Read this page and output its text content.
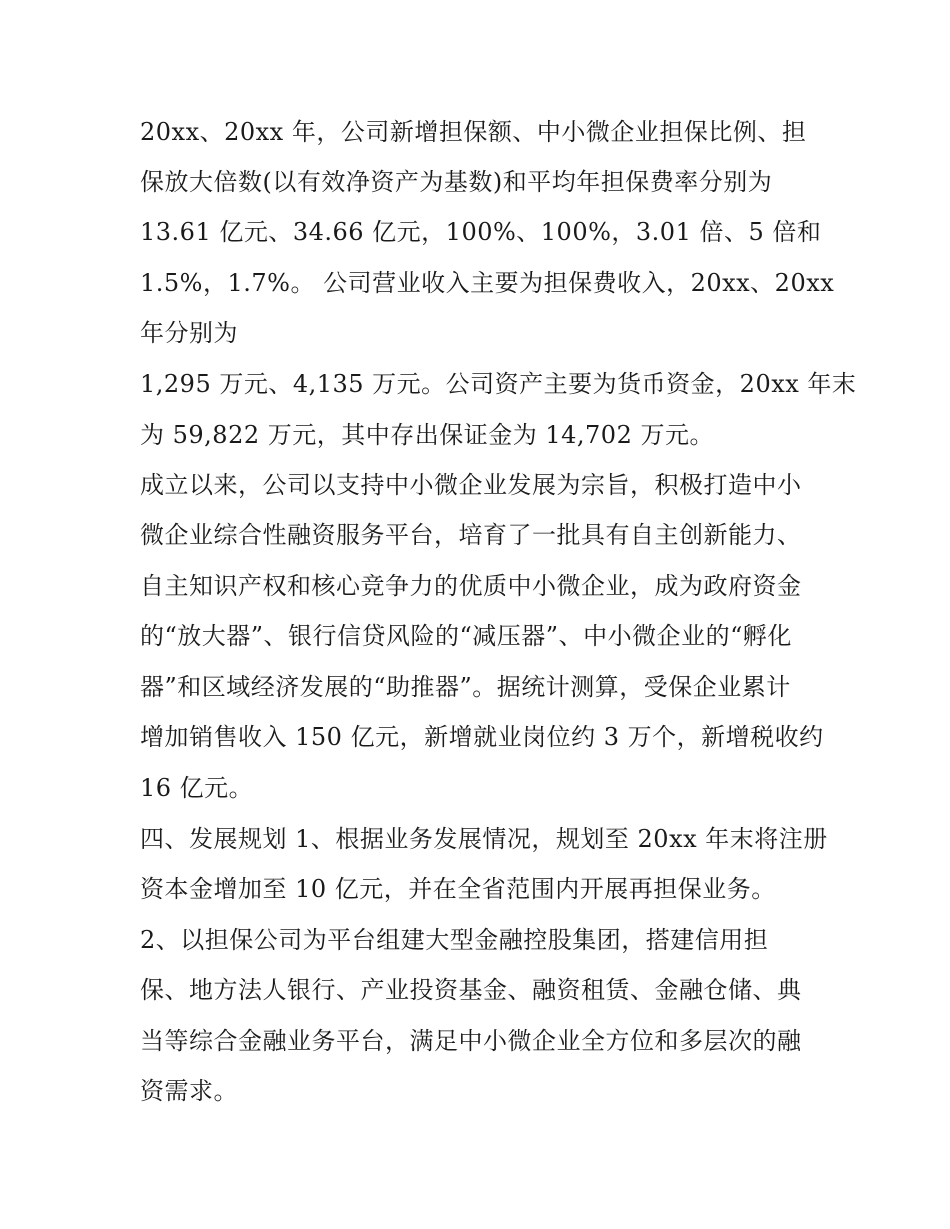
20xx、20xx 年，公司新增担保额、中小微企业担保比例、担
保放大倍数(以有效净资产为基数)和平均年担保费率分别为
13.61 亿元、34.66 亿元，100%、100%，3.01 倍、5 倍和
1.5%，1.7%。 公司营业收入主要为担保费收入，20xx、20xx
年分别为
1,295 万元、4,135 万元。公司资产主要为货币资金，20xx 年末
为 59,822 万元，其中存出保证金为 14,702 万元。
成立以来，公司以支持中小微企业发展为宗旨，积极打造中小
微企业综合性融资服务平台，培育了一批具有自主创新能力、
自主知识产权和核心竞争力的优质中小微企业，成为政府资金
的“放大器”、银行信贷风险的“减压器”、中小微企业的“孵化
器”和区域经济发展的“助推器”。据统计测算，受保企业累计
增加销售收入 150 亿元，新增就业岗位约 3 万个，新增税收约
16 亿元。
四、发展规划 1、根据业务发展情况，规划至 20xx 年末将注册
资本金增加至 10 亿元，并在全省范围内开展再担保业务。
2、以担保公司为平台组建大型金融控股集团，搭建信用担
保、地方法人银行、产业投资基金、融资租赁、金融仓储、典
当等综合金融业务平台，满足中小微企业全方位和多层次的融
资需求。
